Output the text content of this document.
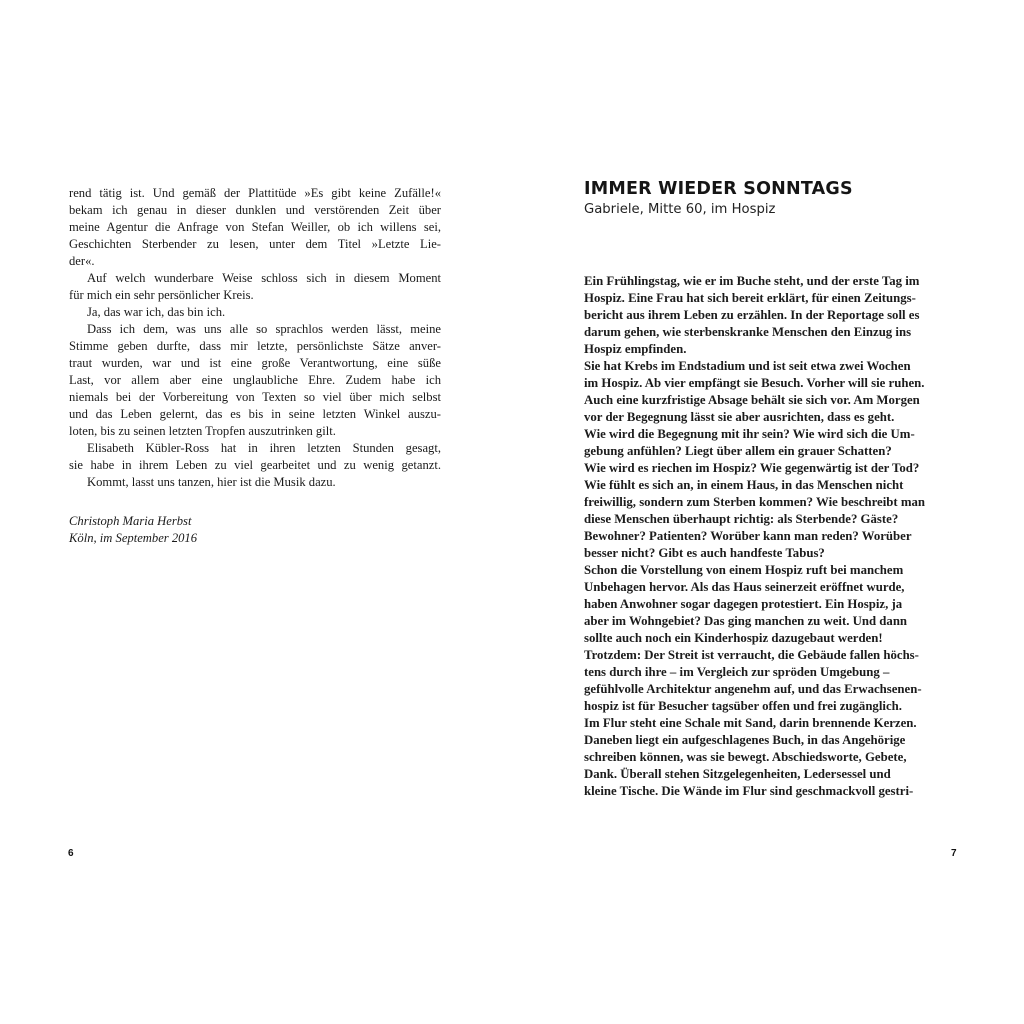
rend tätig ist. Und gemäß der Plattitüde »Es gibt keine Zufälle!«
bekam ich genau in dieser dunklen und verstörenden Zeit über
meine Agentur die Anfrage von Stefan Weiller, ob ich willens sei,
Geschichten Sterbender zu lesen, unter dem Titel »Letzte Lie-
der«.
Auf welch wunderbare Weise schloss sich in diesem Moment
für mich ein sehr persönlicher Kreis.
Ja, das war ich, das bin ich.
Dass ich dem, was uns alle so sprachlos werden lässt, meine
Stimme geben durfte, dass mir letzte, persönlichste Sätze anver-
traut wurden, war und ist eine große Verantwortung, eine süße
Last, vor allem aber eine unglaubliche Ehre. Zudem habe ich
niemals bei der Vorbereitung von Texten so viel über mich selbst
und das Leben gelernt, das es bis in seine letzten Winkel auszu-
loten, bis zu seinen letzten Tropfen auszutrinken gilt.
Elisabeth Kübler-Ross hat in ihren letzten Stunden gesagt,
sie habe in ihrem Leben zu viel gearbeitet und zu wenig getanzt.
Kommt, lasst uns tanzen, hier ist die Musik dazu.
Christoph Maria Herbst
Köln, im September 2016
6
IMMER WIEDER SONNTAGS
Gabriele, Mitte 60, im Hospiz
Ein Frühlingstag, wie er im Buche steht, und der erste Tag im
Hospiz. Eine Frau hat sich bereit erklärt, für einen Zeitungs-
bericht aus ihrem Leben zu erzählen. In der Reportage soll es
darum gehen, wie sterbenskranke Menschen den Einzug ins
Hospiz empfinden.
Sie hat Krebs im Endstadium und ist seit etwa zwei Wochen
im Hospiz. Ab vier empfängt sie Besuch. Vorher will sie ruhen.
Auch eine kurzfristige Absage behält sie sich vor. Am Morgen
vor der Begegnung lässt sie aber ausrichten, dass es geht.
Wie wird die Begegnung mit ihr sein? Wie wird sich die Um-
gebung anfühlen? Liegt über allem ein grauer Schatten?
Wie wird es riechen im Hospiz? Wie gegenwärtig ist der Tod?
Wie fühlt es sich an, in einem Haus, in das Menschen nicht
freiwillig, sondern zum Sterben kommen? Wie beschreibt man
diese Menschen überhaupt richtig: als Sterbende? Gäste?
Bewohner? Patienten? Worüber kann man reden? Worüber
besser nicht? Gibt es auch handfeste Tabus?
Schon die Vorstellung von einem Hospiz ruft bei manchem
Unbehagen hervor. Als das Haus seinerzeit eröffnet wurde,
haben Anwohner sogar dagegen protestiert. Ein Hospiz, ja
aber im Wohngebiet? Das ging manchen zu weit. Und dann
sollte auch noch ein Kinderhospiz dazugebaut werden!
Trotzdem: Der Streit ist verraucht, die Gebäude fallen höchs-
tens durch ihre – im Vergleich zur spröden Umgebung –
gefühlvolle Architektur angenehm auf, und das Erwachsenen-
hospiz ist für Besucher tagsüber offen und frei zugänglich.
Im Flur steht eine Schale mit Sand, darin brennende Kerzen.
Daneben liegt ein aufgeschlagenes Buch, in das Angehörige
schreiben können, was sie bewegt. Abschiedsworte, Gebete,
Dank. Überall stehen Sitzgelegenheiten, Ledersessel und
kleine Tische. Die Wände im Flur sind geschmackvoll gestri-
7
